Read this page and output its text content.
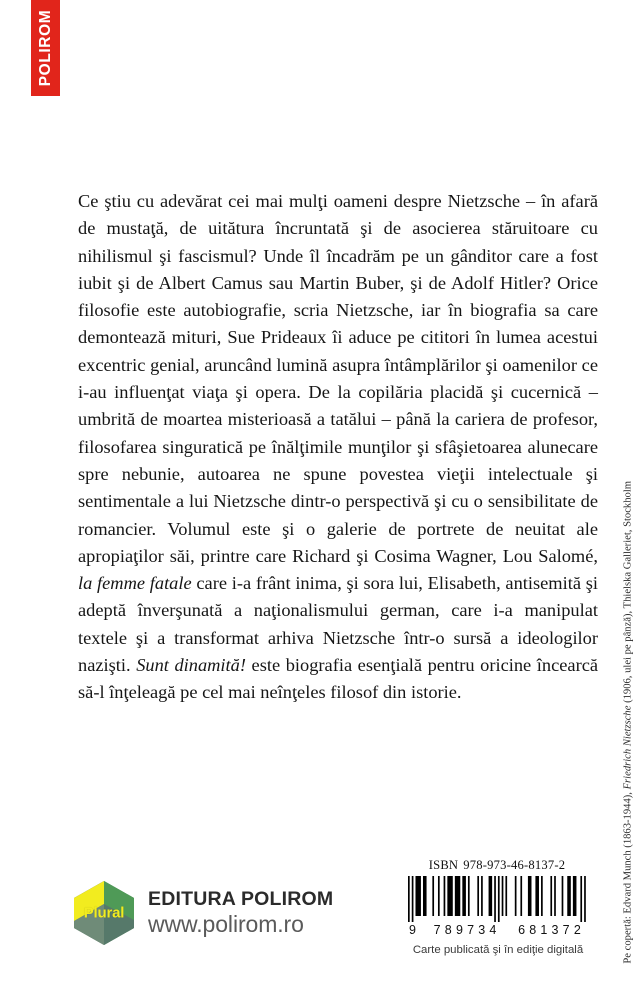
POLIROM

Ce ştiu cu adevărat cei mai mulţi oameni despre Nietzsche – în afară de mustaţă, de uitătura încruntată şi de asocierea stăruitoare cu nihilismul şi fascismul? Unde îl încadrăm pe un gânditor care a fost iubit şi de Albert Camus sau Martin Buber, şi de Adolf Hitler? Orice filosofie este autobiografie, scria Nietzsche, iar în biografia sa care demontează mituri, Sue Prideaux îi aduce pe cititori în lumea acestui excentric genial, aruncând lumină asupra întâmplărilor şi oamenilor ce i-au influenţat viaţa şi opera. De la copilăria placidă şi cucernică – umbrită de moartea misterioasă a tatălui – până la cariera de profesor, filosofarea singuratică pe înălţimile munţilor şi sfâşietoarea alunecare spre nebunie, autoarea ne spune povestea vieţii intelectuale şi sentimentale a lui Nietzsche dintr-o perspectivă şi cu o sensibilitate de romancier. Volumul este şi o galerie de portrete de neuitat ale apropiaţilor săi, printre care Richard şi Cosima Wagner, Lou Salomé, la femme fatale care i-a frânt inima, şi sora lui, Elisabeth, antisemită şi adeptă înverşunată a naţionalismului german, care i-a manipulat textele şi a transformat arhiva Nietzsche într-o sursă a ideologilor nazişti. Sunt dinamită! este biografia esenţială pentru oricine încearcă să-l înţeleagă pe cel mai neînţeles filosof din istorie.

Pe copertă: Edvard Munch (1863-1944), Friedrich Nietzsche (1906, ulei pe pânză), Thielska Galleriet, Stockholm
Plural
EDITURA POLIROM
www.polirom.ro
ISBN 978-973-46-8137-2
9 789734 681372
Carte publicată şi în ediţie digitală
